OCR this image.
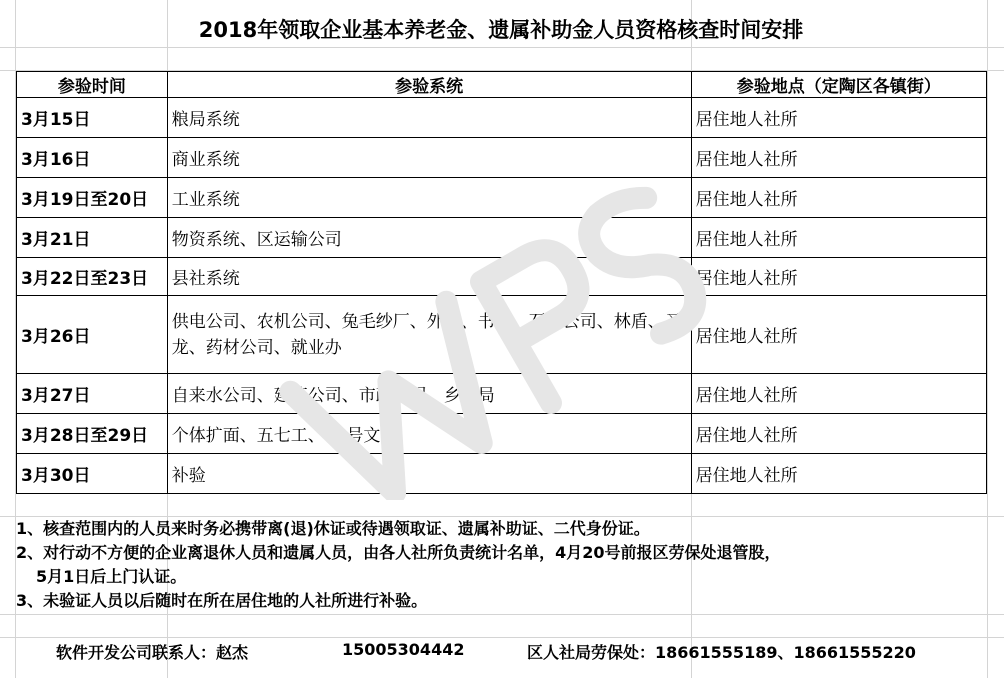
2018年领取企业基本养老金、遗属补助金人员资格核查时间安排
参验时间	参验系统	参验地点（定陶区各镇街）
3月15日	粮局系统	居住地人社所
3月16日	商业系统	居住地人社所
3月19日至20日	工业系统	居住地人社所
3月21日	物资系统、区运输公司	居住地人社所
3月22日至23日	县社系统	居住地人社所
3月26日	供电公司、农机公司、兔毛纱厂、外贸、书店、石油公司、林盾、圣龙、药材公司、就业办	居住地人社所
3月27日	自来水公司、建筑公司、市政公司、乡企局	居住地人社所
3月28日至29日	个体扩面、五七工、29号文	居住地人社所
3月30日	补验	居住地人社所
1、核查范围内的人员来时务必携带离(退)休证或待遇领取证、遗属补助证、二代身份证。
2、对行动不方便的企业离退休人员和遗属人员，由各人社所负责统计名单，4月20号前报区劳保处退管股，
5月1日后上门认证。
3、未验证人员以后随时在所在居住地的人社所进行补验。
软件开发公司联系人：赵杰	15005304442	区人社局劳保处：18661555189、18661555220
